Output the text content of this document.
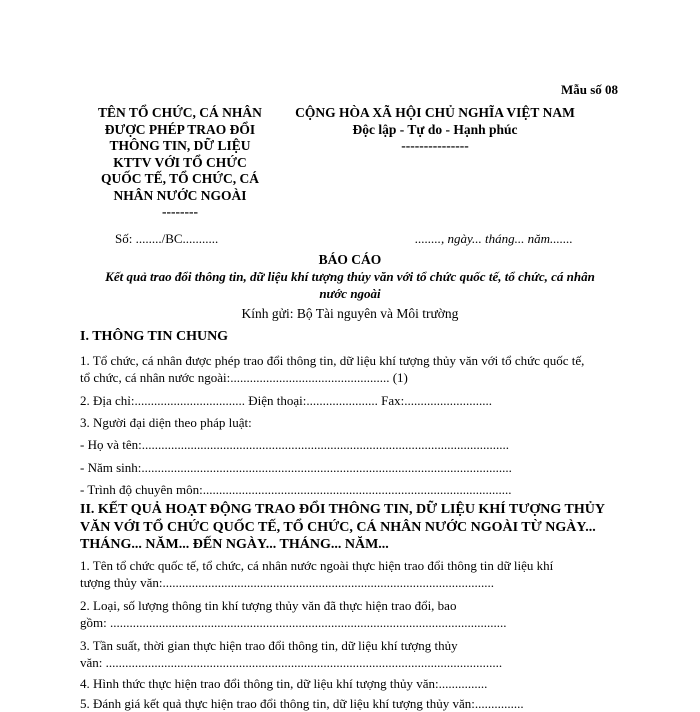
Mẫu số 08
TÊN TỔ CHỨC, CÁ NHÂN
ĐƯỢC PHÉP TRAO ĐỔI
THÔNG TIN, DỮ LIỆU
KTTV VỚI TỔ CHỨC
QUỐC TẾ, TỔ CHỨC, CÁ
NHÂN NƯỚC NGOÀI
--------
CỘNG HÒA XÃ HỘI CHỦ NGHĨA VIỆT NAM
Độc lập - Tự do - Hạnh phúc
---------------
Số: ......../BC...........	........, ngày... tháng... năm.......
BÁO CÁO
Kết quả trao đổi thông tin, dữ liệu khí tượng thủy văn với tổ chức quốc tế, tổ chức, cá nhân
nước ngoài
Kính gửi: Bộ Tài nguyên và Môi trường
I. THÔNG TIN CHUNG
1. Tổ chức, cá nhân được phép trao đổi thông tin, dữ liệu khí tượng thủy văn với tổ chức quốc tế,
tổ chức, cá nhân nước ngoài:................................................. (1)
2. Địa chỉ:.................................. Điện thoại:...................... Fax:...........................
3. Người đại diện theo pháp luật:
- Họ và tên:.................................................................................................................
- Năm sinh:..................................................................................................................
- Trình độ chuyên môn:...............................................................................................
II. KẾT QUẢ HOẠT ĐỘNG TRAO ĐỔI THÔNG TIN, DỮ LIỆU KHÍ TƯỢNG THỦY
VĂN VỚI TỔ CHỨC QUỐC TẾ, TỔ CHỨC, CÁ NHÂN NƯỚC NGOÀI TỪ NGÀY...
THÁNG... NĂM... ĐẾN NGÀY... THÁNG... NĂM...
1. Tên tổ chức quốc tế, tổ chức, cá nhân nước ngoài thực hiện trao đổi thông tin dữ liệu khí
tượng thủy văn:......................................................................................................
2. Loại, số lượng thông tin khí tượng thủy văn đã thực hiện trao đổi, bao
gồm: ..........................................................................................................................
3. Tần suất, thời gian thực hiện trao đổi thông tin, dữ liệu khí tượng thủy
văn: ..........................................................................................................................
4. Hình thức thực hiện trao đổi thông tin, dữ liệu khí tượng thủy văn:...............
5. Đánh giá kết quả thực hiện trao đổi thông tin, dữ liệu khí tượng thủy văn:...............
